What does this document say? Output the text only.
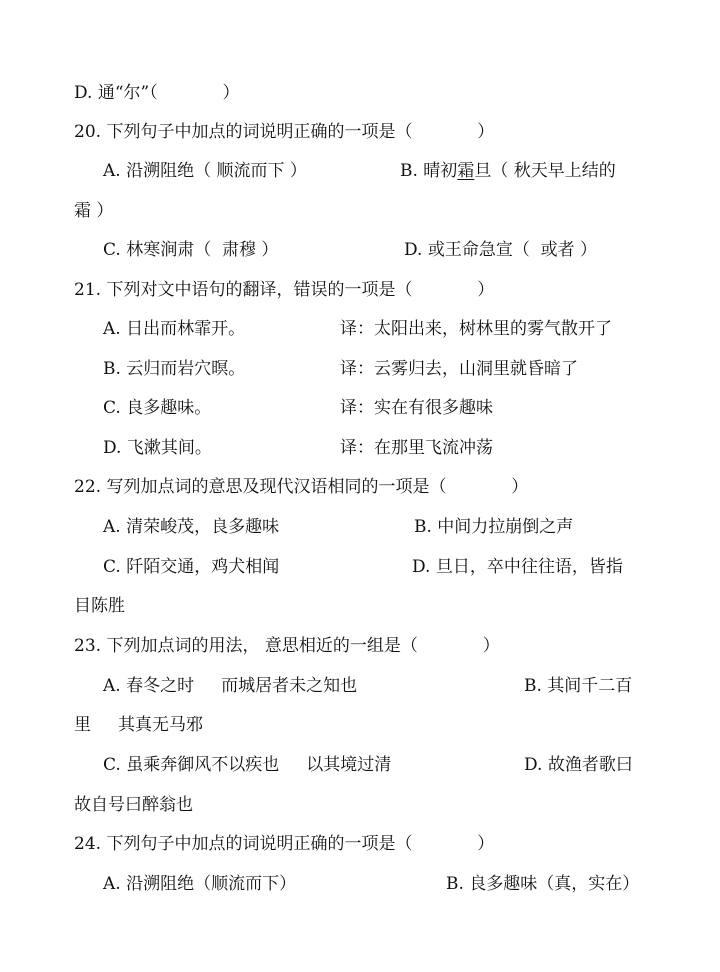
D. 通“尔”（            ）
20. 下列句子中加点的词说明正确的一项是（            ）
A. 沿溯阻绝（ 顺流而下 ）	B. 晴初霜旦（ 秋天早上结的
霜 ）
C. 林寒涧肃（  肃穆 ）	D. 或王命急宣（  或者 ）
21. 下列对文中语句的翻译，错误的一项是（            ）
A. 日出而林霏开。	译：太阳出来，树林里的雾气散开了
B. 云归而岩穴暝。	译：云雾归去，山洞里就昏暗了
C. 良多趣味。	译：实在有很多趣味
D. 飞漱其间。	译：在那里飞流冲荡
22. 写列加点词的意思及现代汉语相同的一项是（            ）
A. 清荣峻茂，良多趣味	B. 中间力拉崩倒之声
C. 阡陌交通，鸡犬相闻	D. 旦日，卒中往往语，皆指
目陈胜
23. 下列加点词的用法， 意思相近的一组是（            ）
A. 春冬之时     而城居者未之知也	B. 其间千二百
里     其真无马邪
C. 虽乘奔御风不以疾也     以其境过清	D. 故渔者歌曰
故自号曰醉翁也
24. 下列句子中加点的词说明正确的一项是（            ）
A. 沿溯阻绝（顺流而下）	B. 良多趣味（真，实在）
